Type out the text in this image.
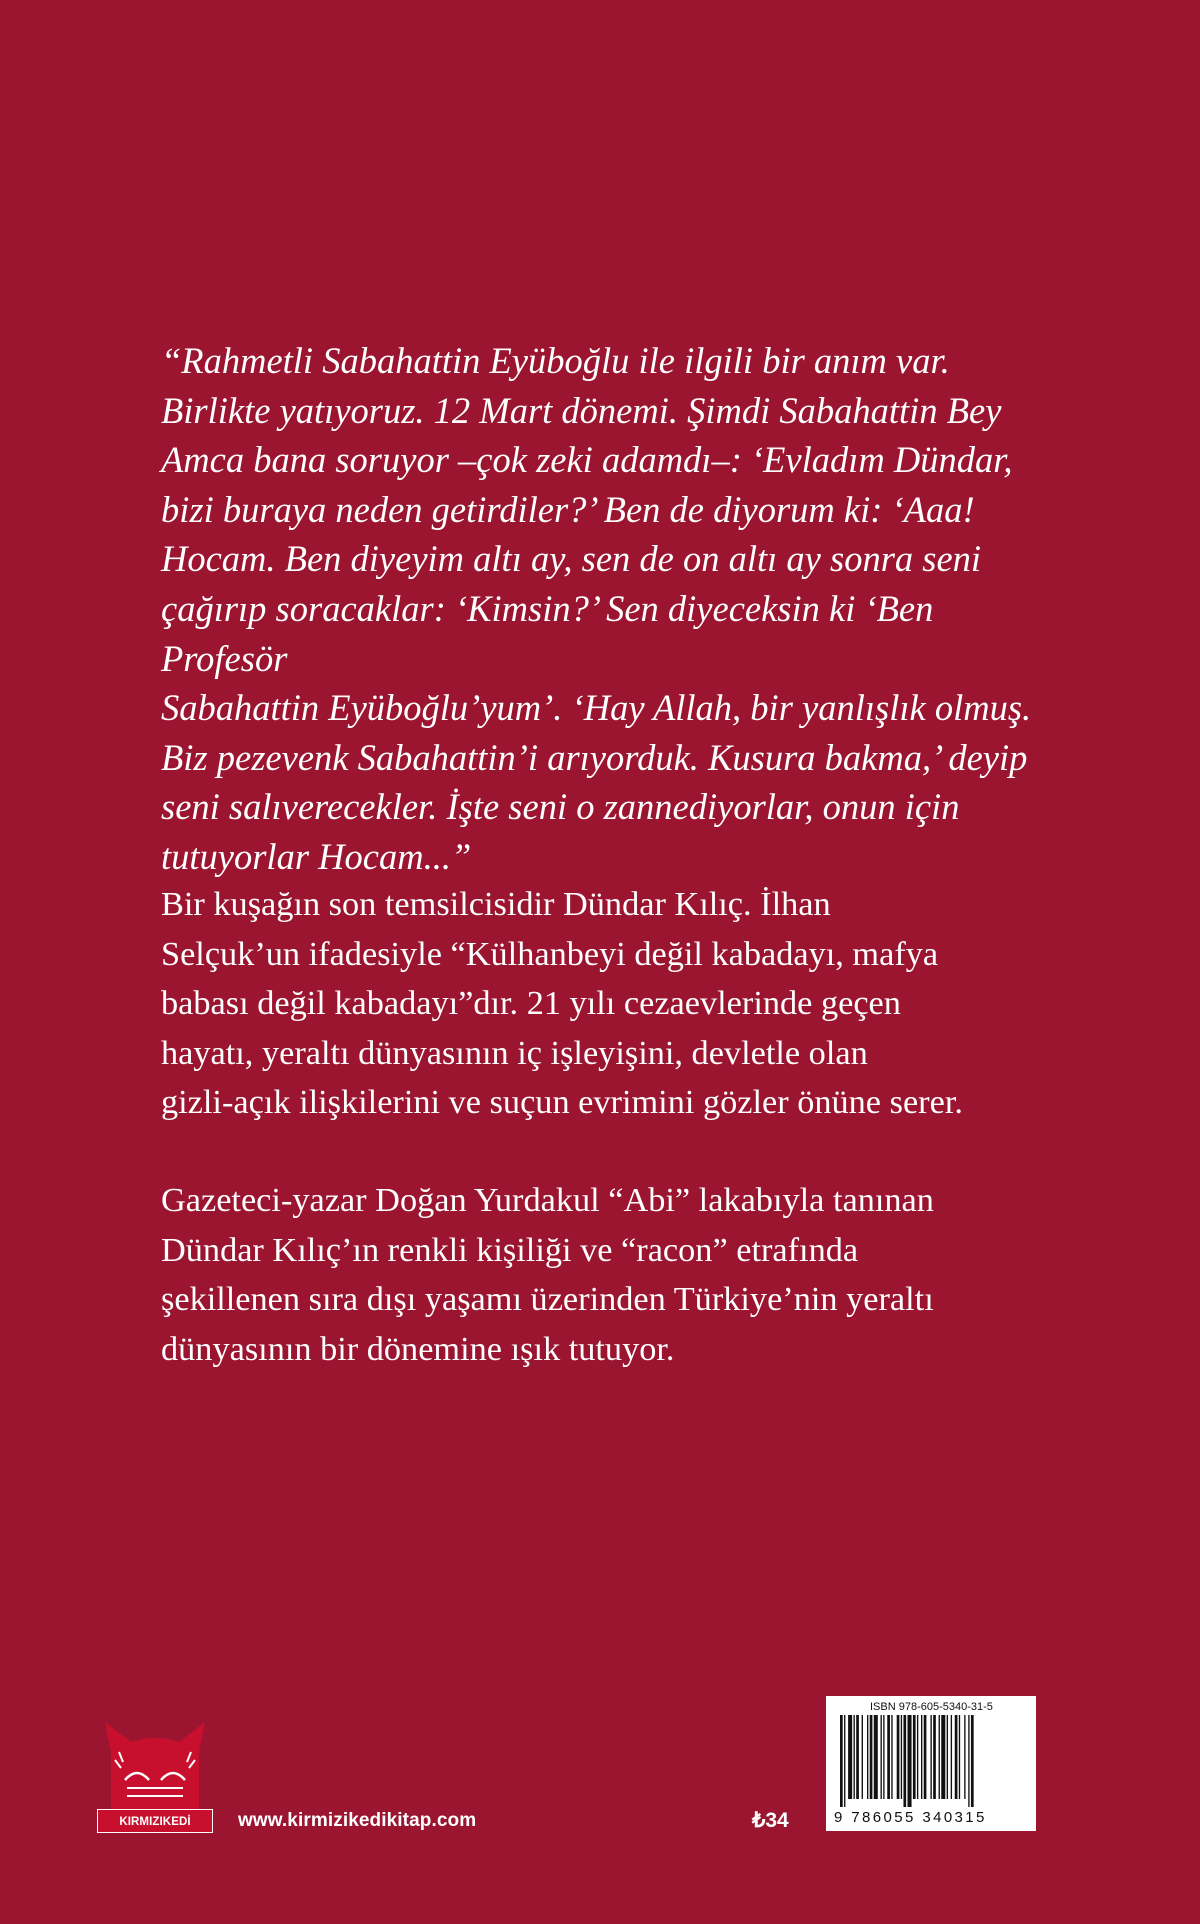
“Rahmetli Sabahattin Eyüboğlu ile ilgili bir anım var.
Birlikte yatıyoruz. 12 Mart dönemi. Şimdi Sabahattin Bey
Amca bana soruyor –çok zeki adamdı–: ‘Evladım Dündar,
bizi buraya neden getirdiler?’ Ben de diyorum ki: ‘Aaa!
Hocam. Ben diyeyim altı ay, sen de on altı ay sonra seni
çağırıp soracaklar: ‘Kimsin?’ Sen diyeceksin ki ‘Ben Profesör
Sabahattin Eyüboğlu’yum’. ‘Hay Allah, bir yanlışlık olmuş.
Biz pezevenk Sabahattin’i arıyorduk. Kusura bakma,’ deyip
seni salıverecekler. İşte seni o zannediyorlar, onun için
tutuyorlar Hocam...”

Bir kuşağın son temsilcisidir Dündar Kılıç. İlhan
Selçuk’un ifadesiyle “Külhanbeyi değil kabadayı, mafya
babası değil kabadayı”dır. 21 yılı cezaevlerinde geçen
hayatı, yeraltı dünyasının iç işleyişini, devletle olan
gizli-açık ilişkilerini ve suçun evrimini gözler önüne serer.

Gazeteci-yazar Doğan Yurdakul “Abi” lakabıyla tanınan
Dündar Kılıç’ın renkli kişiliği ve “racon” etrafında
şekillenen sıra dışı yaşamı üzerinden Türkiye’nin yeraltı
dünyasının bir dönemine ışık tutuyor.

KIRMIZIKEDİ	www.kirmizikedikitap.com	₺34
ISBN 978-605-5340-31-5
9 786055 340315
